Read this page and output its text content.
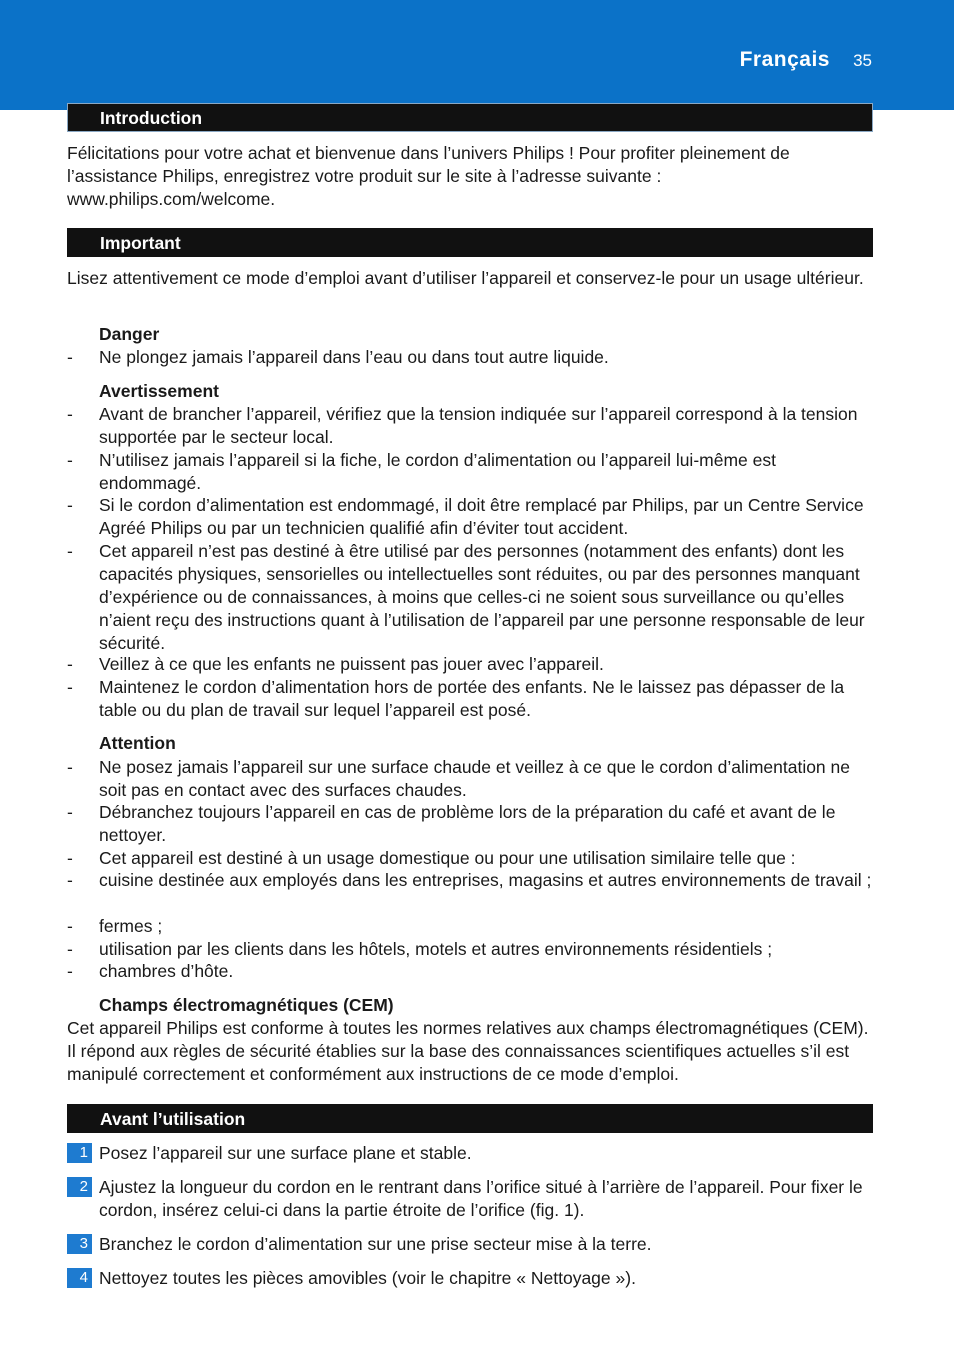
Français 35
Introduction
Félicitations pour votre achat et bienvenue dans l’univers Philips ! Pour profiter pleinement de l’assistance Philips, enregistrez votre produit sur le site à l’adresse suivante : www.philips.com/welcome.
Important
Lisez attentivement ce mode d’emploi avant d’utiliser l’appareil et conservez-le pour un usage ultérieur.
Danger
- Ne plongez jamais l’appareil dans l’eau ou dans tout autre liquide.
Avertissement
- Avant de brancher l’appareil, vérifiez que la tension indiquée sur l’appareil correspond à la tension supportée par le secteur local.
- N’utilisez jamais l’appareil si la fiche, le cordon d’alimentation ou l’appareil lui-même est endommagé.
- Si le cordon d’alimentation est endommagé, il doit être remplacé par Philips, par un Centre Service Agréé Philips ou par un technicien qualifié afin d’éviter tout accident.
- Cet appareil n’est pas destiné à être utilisé par des personnes (notamment des enfants) dont les capacités physiques, sensorielles ou intellectuelles sont réduites, ou par des personnes manquant d’expérience ou de connaissances, à moins que celles-ci ne soient sous surveillance ou qu’elles n’aient reçu des instructions quant à l’utilisation de l’appareil par une personne responsable de leur sécurité.
- Veillez à ce que les enfants ne puissent pas jouer avec l’appareil.
- Maintenez le cordon d’alimentation hors de portée des enfants. Ne le laissez pas dépasser de la table ou du plan de travail sur lequel l’appareil est posé.
Attention
- Ne posez jamais l’appareil sur une surface chaude et veillez à ce que le cordon d’alimentation ne soit pas en contact avec des surfaces chaudes.
- Débranchez toujours l’appareil en cas de problème lors de la préparation du café et avant de le nettoyer.
- Cet appareil est destiné à un usage domestique ou pour une utilisation similaire telle que :
- cuisine destinée aux employés dans les entreprises, magasins et autres environnements de travail ;
- fermes ;
- utilisation par les clients dans les hôtels, motels et autres environnements résidentiels ;
- chambres d’hôte.
Champs électromagnétiques (CEM)
Cet appareil Philips est conforme à toutes les normes relatives aux champs électromagnétiques (CEM). Il répond aux règles de sécurité établies sur la base des connaissances scientifiques actuelles s’il est manipulé correctement et conformément aux instructions de ce mode d’emploi.
Avant l’utilisation
1 Posez l’appareil sur une surface plane et stable.
2 Ajustez la longueur du cordon en le rentrant dans l’orifice situé à l’arrière de l’appareil. Pour fixer le cordon, insérez celui-ci dans la partie étroite de l’orifice (fig. 1).
3 Branchez le cordon d’alimentation sur une prise secteur mise à la terre.
4 Nettoyez toutes les pièces amovibles (voir le chapitre « Nettoyage »).
